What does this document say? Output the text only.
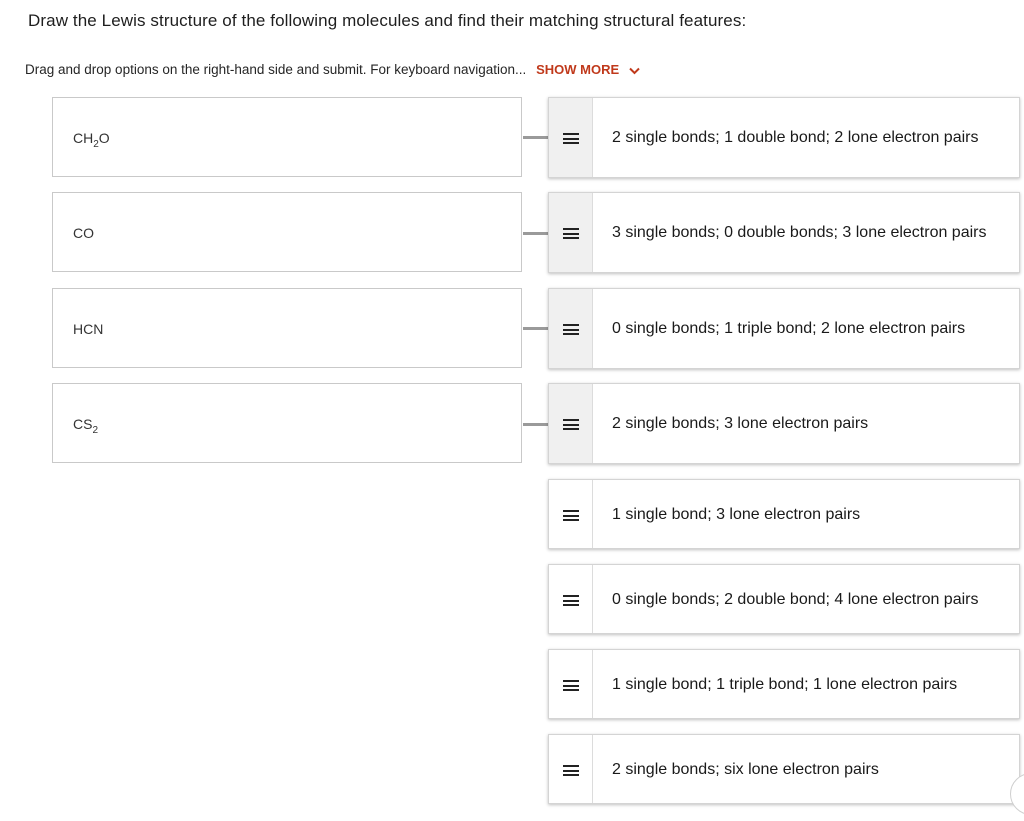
Draw the Lewis structure of the following molecules and find their matching structural features:
Drag and drop options on the right-hand side and submit. For keyboard navigation... SHOW MORE
$CH_2O$
CO
HCN
$CS_2$
2 single bonds; 1 double bond; 2 lone electron pairs
3 single bonds; 0 double bonds; 3 lone electron pairs
0 single bonds; 1 triple bond; 2 lone electron pairs
2 single bonds; 3 lone electron pairs
1 single bond; 3 lone electron pairs
0 single bonds; 2 double bond; 4 lone electron pairs
1 single bond; 1 triple bond; 1 lone electron pairs
2 single bonds; six lone electron pairs
